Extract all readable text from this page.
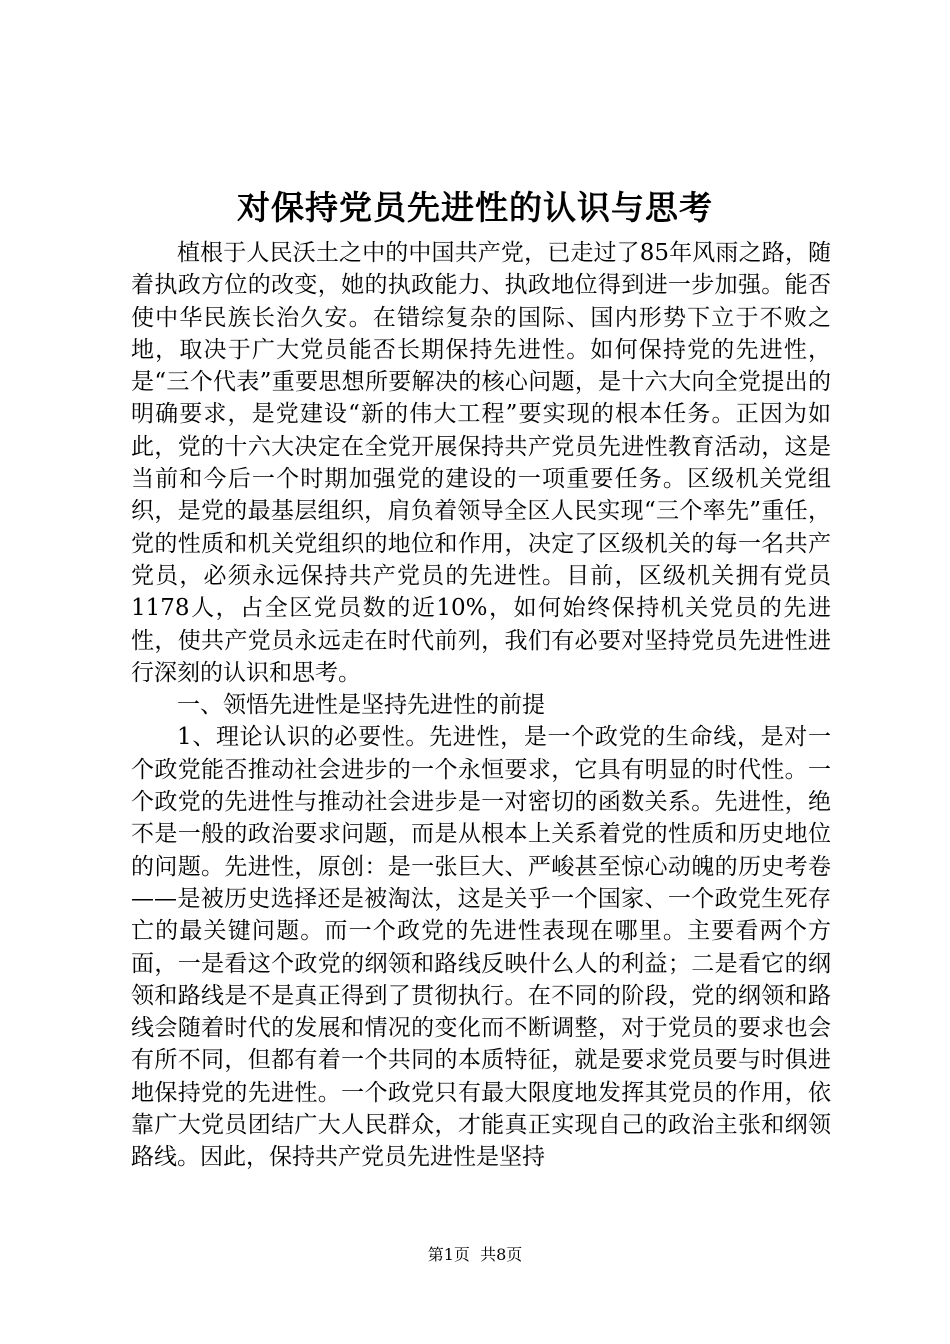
对保持党员先进性的认识与思考

植根于人民沃土之中的中国共产党，已走过了85年风雨之路，随着执政方位的改变，她的执政能力、执政地位得到进一步加强。能否使中华民族长治久安。在错综复杂的国际、国内形势下立于不败之地，取决于广大党员能否长期保持先进性。如何保持党的先进性，是“三个代表”重要思想所要解决的核心问题，是十六大向全党提出的明确要求，是党建设“新的伟大工程”要实现的根本任务。正因为如此，党的十六大决定在全党开展保持共产党员先进性教育活动，这是当前和今后一个时期加强党的建设的一项重要任务。区级机关党组织，是党的最基层组织，肩负着领导全区人民实现“三个率先”重任，党的性质和机关党组织的地位和作用，决定了区级机关的每一名共产党员，必须永远保持共产党员的先进性。目前，区级机关拥有党员1178人，占全区党员数的近10%，如何始终保持机关党员的先进性，使共产党员永远走在时代前列，我们有必要对坚持党员先进性进行深刻的认识和思考。

一、领悟先进性是坚持先进性的前提

1、理论认识的必要性。先进性，是一个政党的生命线，是对一个政党能否推动社会进步的一个永恒要求，它具有明显的时代性。一个政党的先进性与推动社会进步是一对密切的函数关系。先进性，绝不是一般的政治要求问题，而是从根本上关系着党的性质和历史地位的问题。先进性，原创：是一张巨大、严峻甚至惊心动魄的历史考卷——是被历史选择还是被淘汰，这是关乎一个国家、一个政党生死存亡的最关键问题。而一个政党的先进性表现在哪里。主要看两个方面，一是看这个政党的纲领和路线反映什么人的利益；二是看它的纲领和路线是不是真正得到了贯彻执行。在不同的阶段，党的纲领和路线会随着时代的发展和情况的变化而不断调整，对于党员的要求也会有所不同，但都有着一个共同的本质特征，就是要求党员要与时俱进地保持党的先进性。一个政党只有最大限度地发挥其党员的作用，依靠广大党员团结广大人民群众，才能真正实现自己的政治主张和纲领路线。因此，保持共产党员先进性是坚持

第1页  共8页
